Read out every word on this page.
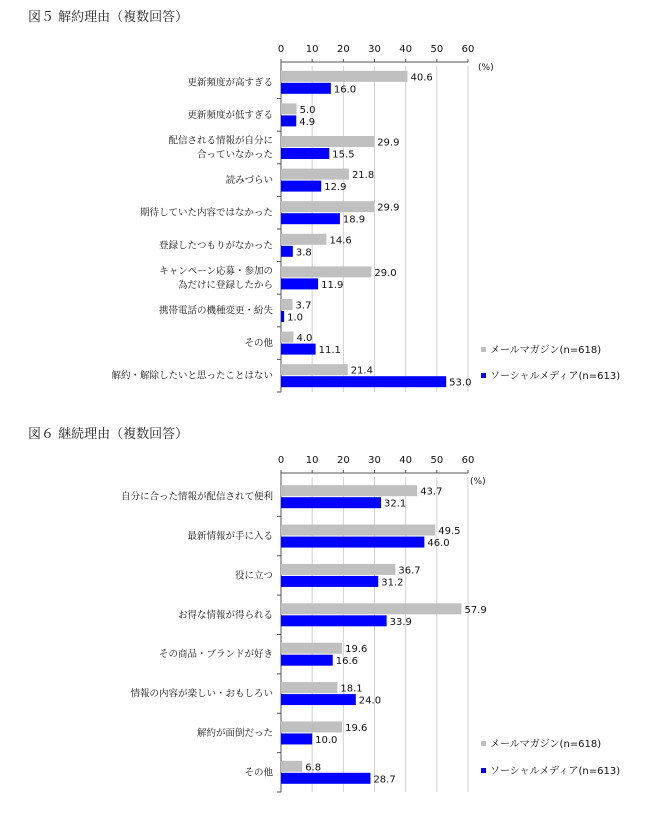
図５ 解約理由（複数回答）
図６ 継続理由（複数回答）
0 10 20 30 40 50 60
(%)
更新頻度が高すぎる	40.6
16.0
更新頻度が低すぎる	5.0
4.9
配信される情報が自分に
合っていなかった
29.9
15.5
読みづらい	21.8
12.9
期待していた内容ではなかった	29.9
18.9
登録したつもりがなかった	14.6
3.8
キャンペーン応募・参加の
為だけに登録したから
29.0
11.9
携帯電話の機種変更・紛失 3.7
1.0
その他 4.0
11.1
解約・解除したいと思ったことはない	21.4
53.0
メールマガジン(n=618)
ソーシャルメディア(n=613)
0 10 20 30 40 50 60
(%)
自分に合った情報が配信されて便利	43.7
32.1
最新情報が手に入る	49.5
46.0
役に立つ	36.7
31.2
お得な情報が得られる	57.9
33.9
その商品・ブランドが好き	19.6
16.6
情報の内容が楽しい・おもしろい	18.1
24.0
解約が面倒だった	19.6
10.0
その他	6.8
28.7
メールマガジン(n=618)
ソーシャルメディア(n=613)
